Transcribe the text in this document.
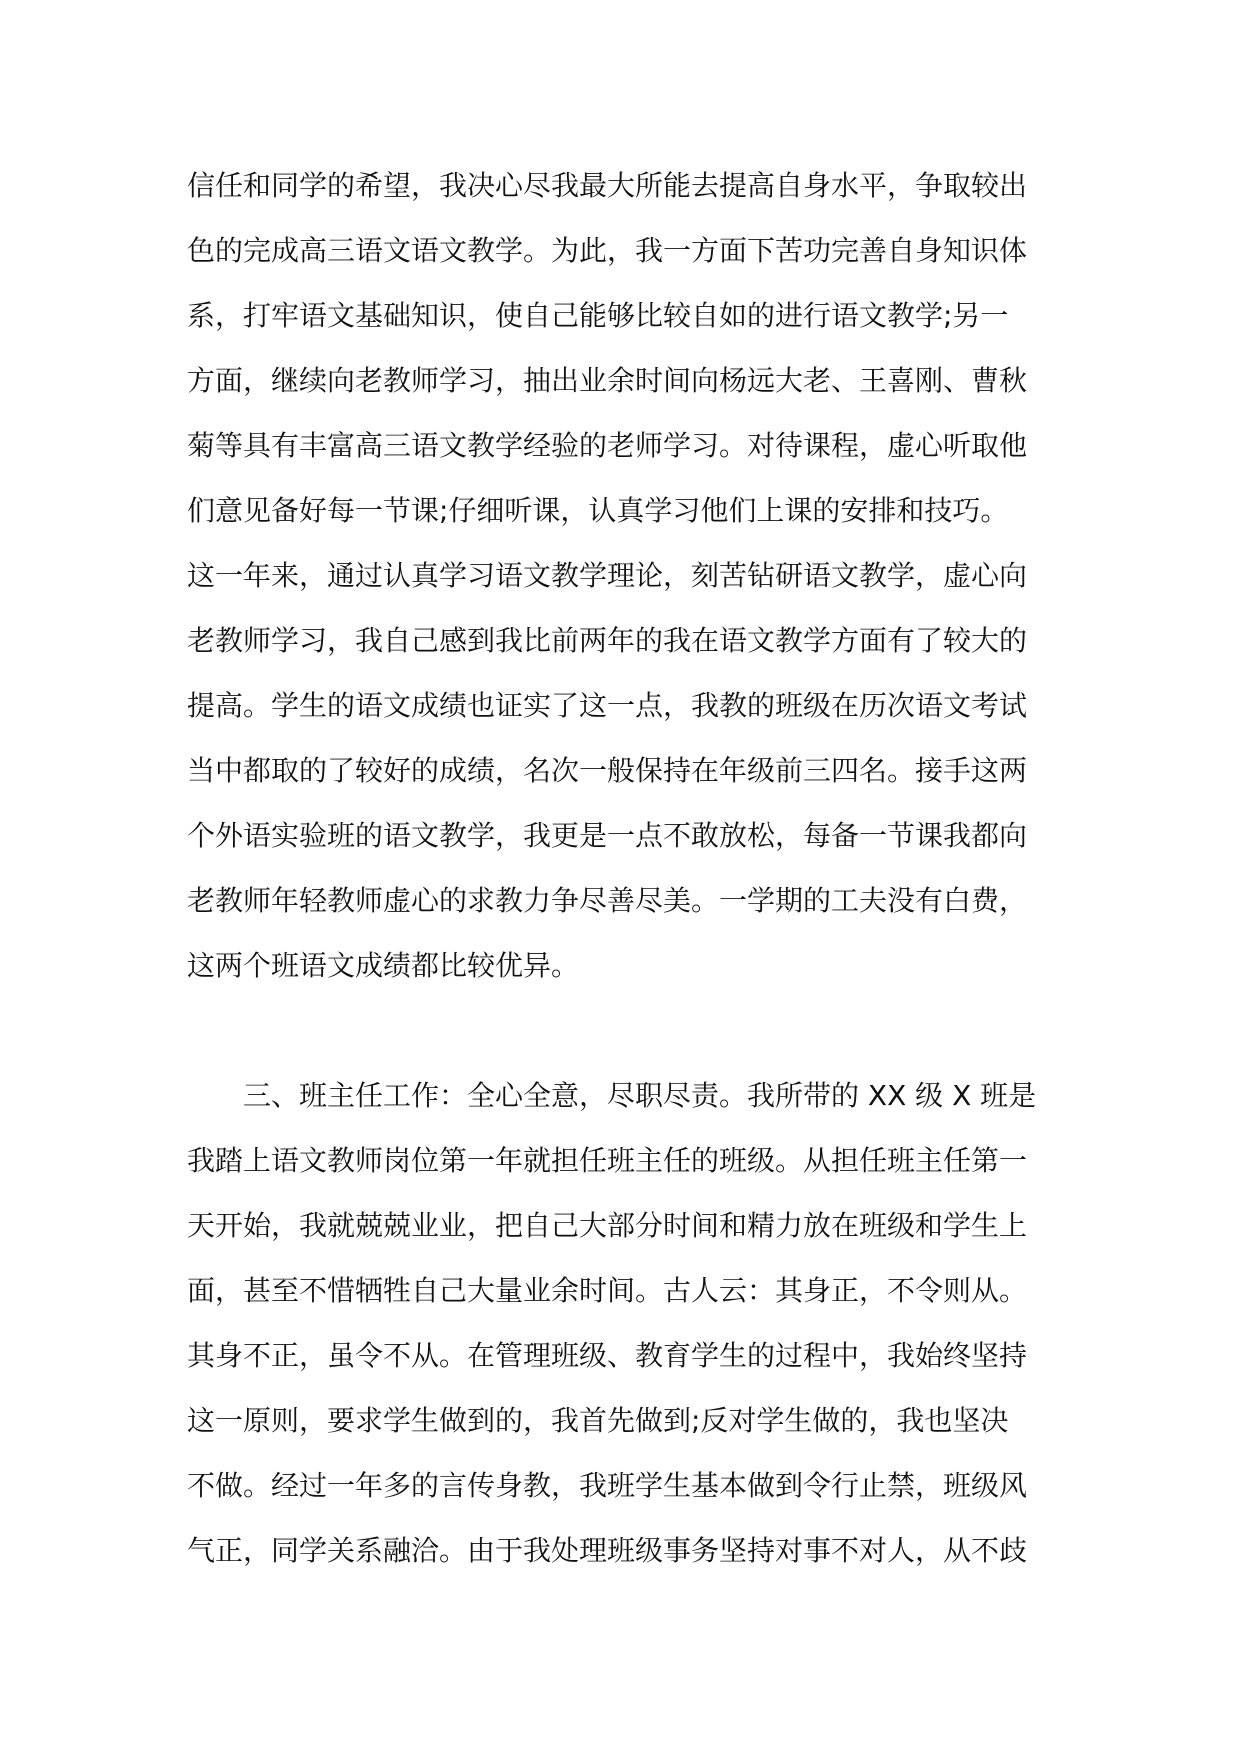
信任和同学的希望，我决心尽我最大所能去提高自身水平，争取较出
色的完成高三语文语文教学。为此，我一方面下苦功完善自身知识体
系，打牢语文基础知识，使自己能够比较自如的进行语文教学;另一
方面，继续向老教师学习，抽出业余时间向杨远大老、王喜刚、曹秋
菊等具有丰富高三语文教学经验的老师学习。对待课程，虚心听取他
们意见备好每一节课;仔细听课，认真学习他们上课的安排和技巧。
这一年来，通过认真学习语文教学理论，刻苦钻研语文教学，虚心向
老教师学习，我自己感到我比前两年的我在语文教学方面有了较大的
提高。学生的语文成绩也证实了这一点，我教的班级在历次语文考试
当中都取的了较好的成绩，名次一般保持在年级前三四名。接手这两
个外语实验班的语文教学，我更是一点不敢放松，每备一节课我都向
老教师年轻教师虚心的求教力争尽善尽美。一学期的工夫没有白费，
这两个班语文成绩都比较优异。
　　三、班主任工作：全心全意，尽职尽责。我所带的 XX 级 X 班是
我踏上语文教师岗位第一年就担任班主任的班级。从担任班主任第一
天开始，我就兢兢业业，把自己大部分时间和精力放在班级和学生上
面，甚至不惜牺牲自己大量业余时间。古人云：其身正，不令则从。
其身不正，虽令不从。在管理班级、教育学生的过程中，我始终坚持
这一原则，要求学生做到的，我首先做到;反对学生做的，我也坚决
不做。经过一年多的言传身教，我班学生基本做到令行止禁，班级风
气正，同学关系融洽。由于我处理班级事务坚持对事不对人，从不歧
